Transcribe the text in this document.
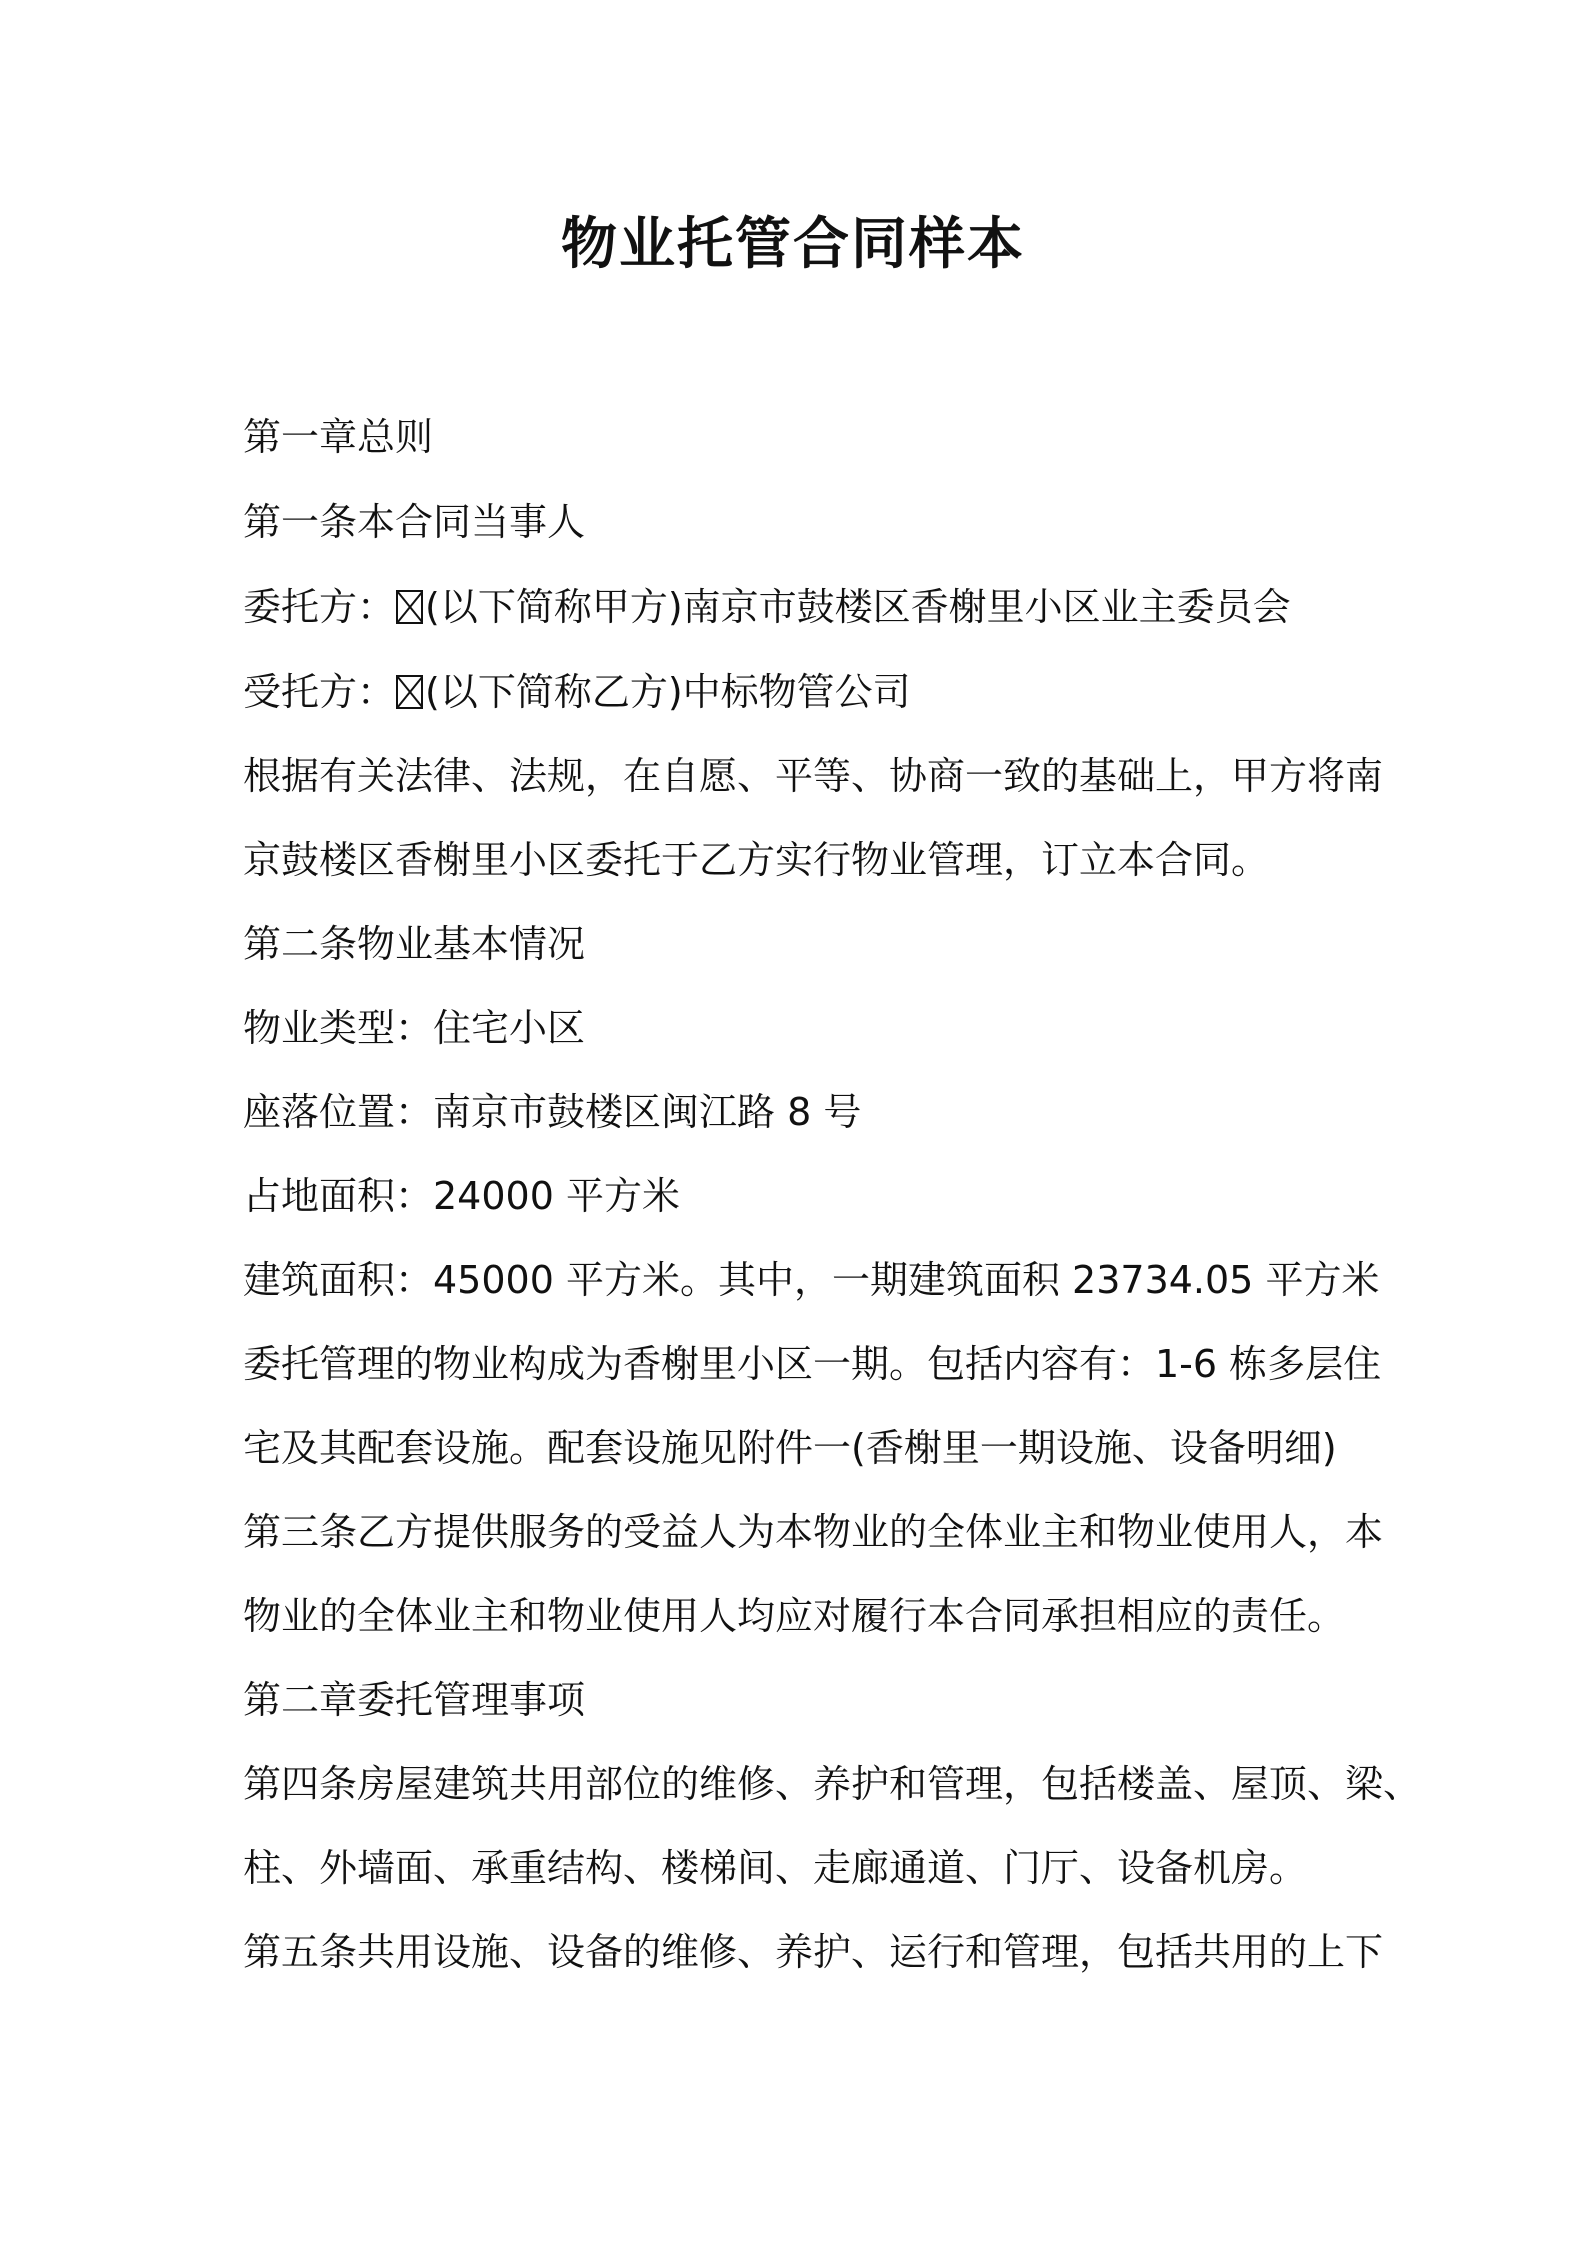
物业托管合同样本
第一章总则
第一条本合同当事人
委托方： (以下简称甲方)南京市鼓楼区香榭里小区业主委员会
受托方： (以下简称乙方)中标物管公司
根据有关法律、法规，在自愿、平等、协商一致的基础上，甲方将南
京鼓楼区香榭里小区委托于乙方实行物业管理，订立本合同。
第二条物业基本情况
物业类型：住宅小区
座落位置：南京市鼓楼区闽江路 8 号
占地面积：24000 平方米
建筑面积：45000 平方米。其中，一期建筑面积 23734.05 平方米
委托管理的物业构成为香榭里小区一期。包括内容有：1-6 栋多层住
宅及其配套设施。配套设施见附件一(香榭里一期设施、设备明细)
第三条乙方提供服务的受益人为本物业的全体业主和物业使用人，本
物业的全体业主和物业使用人均应对履行本合同承担相应的责任。
第二章委托管理事项
第四条房屋建筑共用部位的维修、养护和管理，包括楼盖、屋顶、梁、
柱、外墙面、承重结构、楼梯间、走廊通道、门厅、设备机房。
第五条共用设施、设备的维修、养护、运行和管理，包括共用的上下
